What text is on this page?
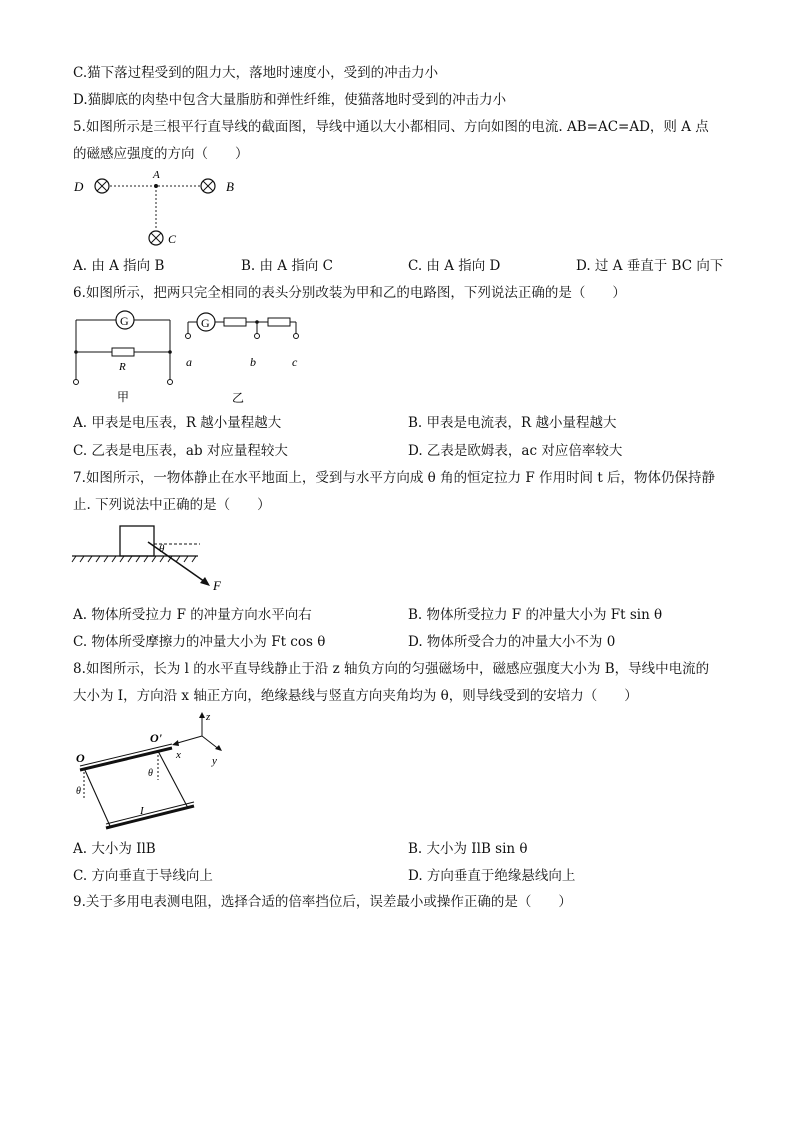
C.猫下落过程受到的阻力大，落地时速度小，受到的冲击力小
D.猫脚底的肉垫中包含大量脂肪和弹性纤维，使猫落地时受到的冲击力小
5.如图所示是三根平行直导线的截面图，导线中通以大小都相同、方向如图的电流. AB=AC=AD，则 A 点
的磁感应强度的方向（　　）
D
A
B
C
A. 由 A 指向 B	B. 由 A 指向 C	C. 由 A 指向 D	D. 过 A 垂直于 BC 向下
6.如图所示，把两只完全相同的表头分别改装为甲和乙的电路图，下列说法正确的是（　　）
G
R
甲
G
a	b	c
乙
A. 甲表是电压表，R 越小量程越大	B. 甲表是电流表，R 越小量程越大
C. 乙表是电压表，ab 对应量程较大	D. 乙表是欧姆表，ac 对应倍率较大
7.如图所示，一物体静止在水平地面上，受到与水平方向成 θ 角的恒定拉力 F 作用时间 t 后，物体仍保持静
止. 下列说法中正确的是（　　）
θ
F
A. 物体所受拉力 F 的冲量方向水平向右	B. 物体所受拉力 F 的冲量大小为 Ft sin θ
C. 物体所受摩擦力的冲量大小为 Ft cos θ	D. 物体所受合力的冲量大小不为 0
8.如图所示，长为 l 的水平直导线静止于沿 z 轴负方向的匀强磁场中，磁感应强度大小为 B，导线中电流的
大小为 I，方向沿 x 轴正方向，绝缘悬线与竖直方向夹角均为 θ，则导线受到的安培力（　　）
O
O'
θ
θ
I
z
x	y
A. 大小为 IlB	B. 大小为 IlB sin θ
C. 方向垂直于导线向上	D. 方向垂直于绝缘悬线向上
9.关于多用电表测电阻，选择合适的倍率挡位后，误差最小或操作正确的是（　　）
